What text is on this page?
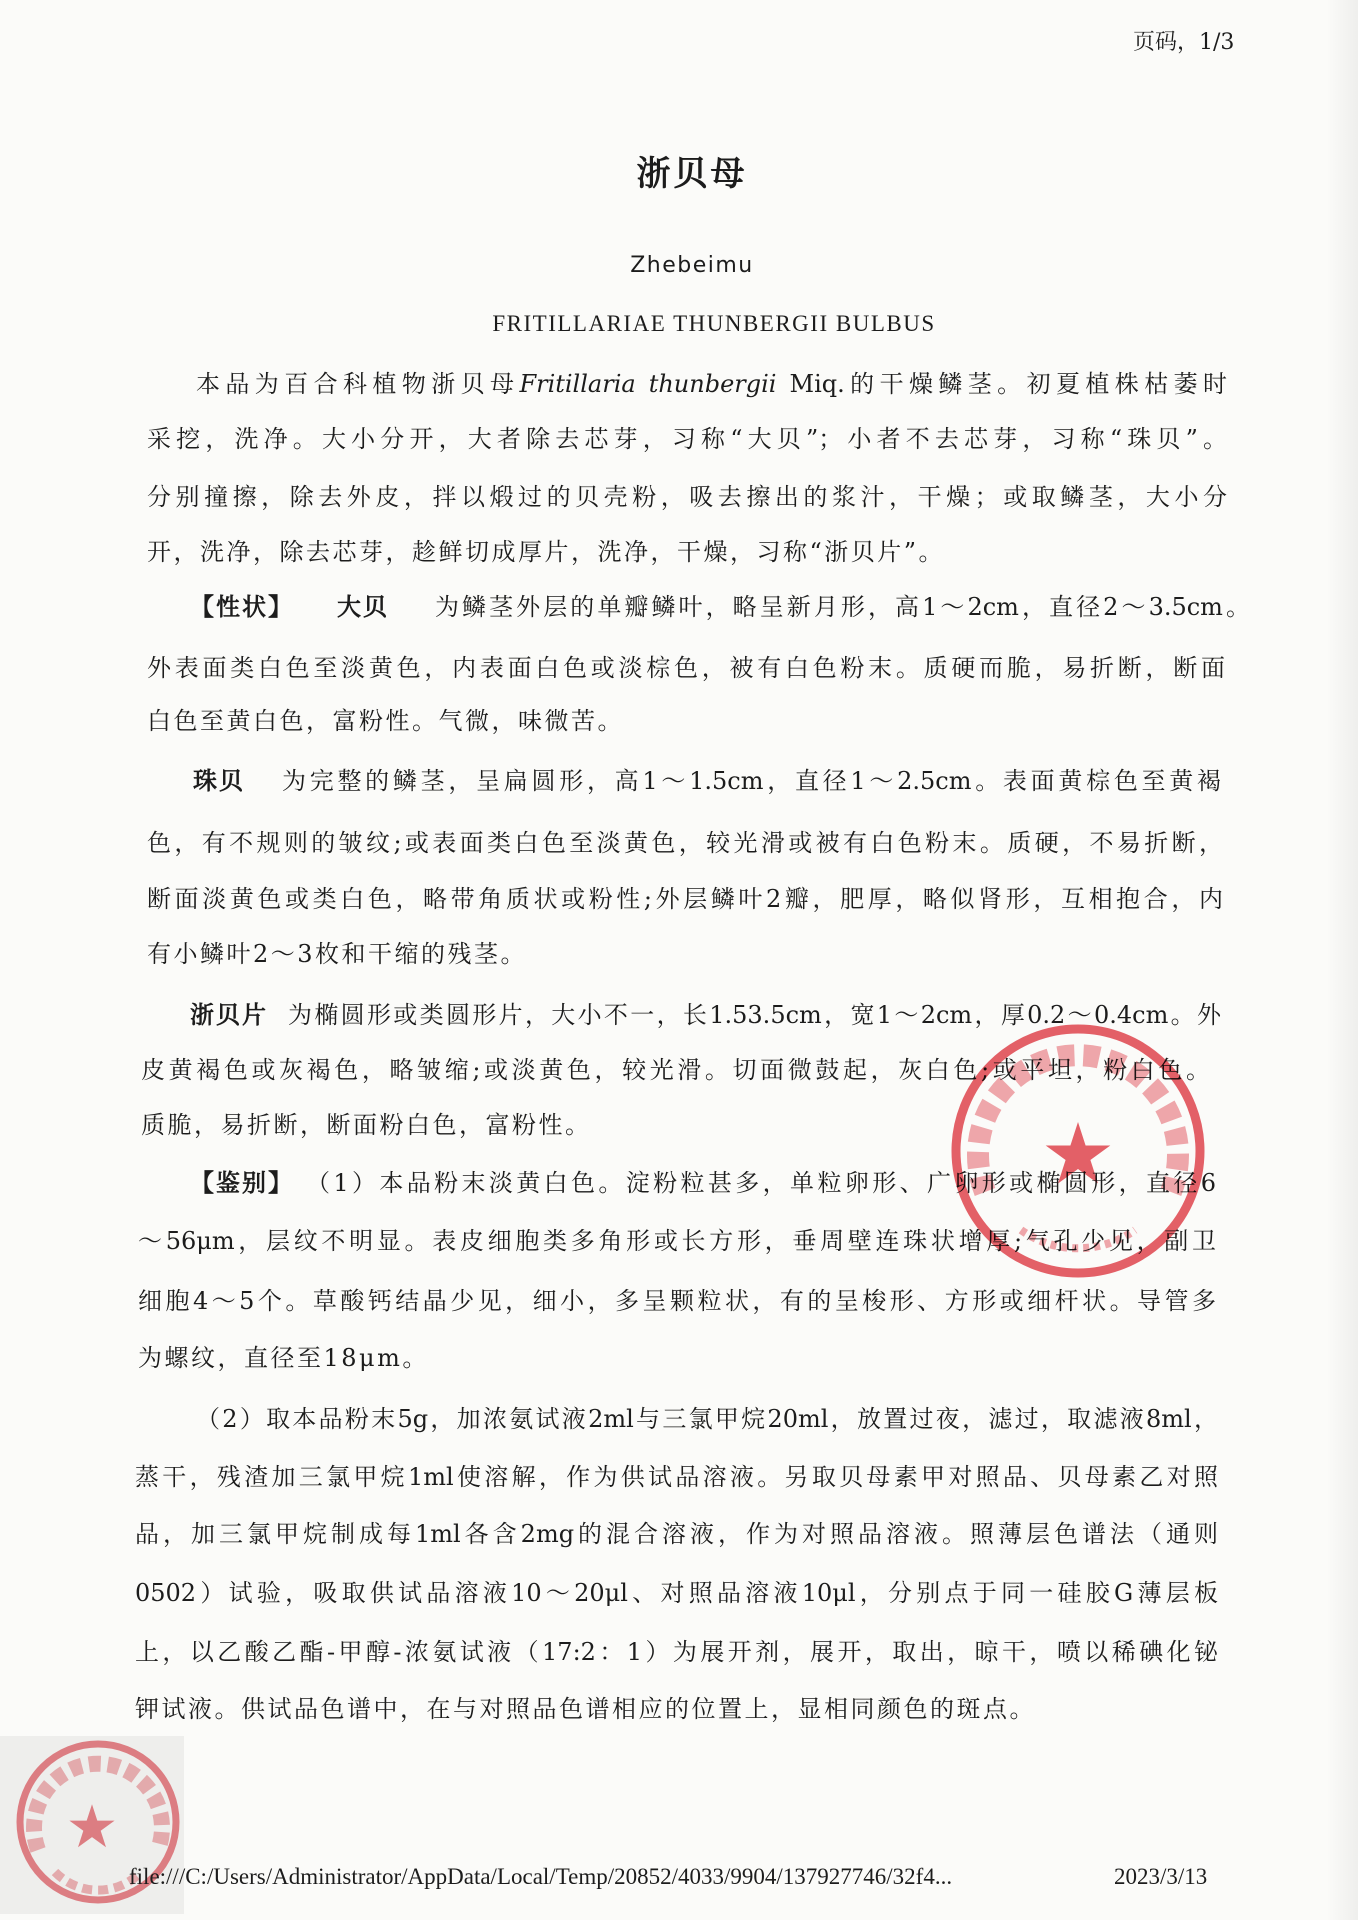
页码，1/3
浙贝母
Zhebeimu
FRITILLARIAE THUNBERGII BULBUS
本品为百合科植物浙贝母Fritillaria thunbergii Miq.的干燥鳞茎。初夏植株枯萎时
采挖，洗净。大小分开，大者除去芯芽，习称“大贝”；小者不去芯芽，习称“珠贝”。
分别撞擦，除去外皮，拌以煅过的贝壳粉，吸去擦出的浆汁，干燥；或取鳞茎，大小分
开，洗净，除去芯芽，趁鲜切成厚片，洗净，干燥，习称“浙贝片”。
【性状】 大贝 为鳞茎外层的单瓣鳞叶，略呈新月形，高1～2cm，直径2～3.5cm。
外表面类白色至淡黄色，内表面白色或淡棕色，被有白色粉末。质硬而脆，易折断，断面
白色至黄白色，富粉性。气微，味微苦。
珠贝 为完整的鳞茎，呈扁圆形，高1～1.5cm，直径1～2.5cm。表面黄棕色至黄褐
色，有不规则的皱纹;或表面类白色至淡黄色，较光滑或被有白色粉末。质硬，不易折断，
断面淡黄色或类白色，略带角质状或粉性;外层鳞叶2瓣，肥厚，略似肾形，互相抱合，内
有小鳞叶2～3枚和干缩的残茎。
浙贝片 为椭圆形或类圆形片，大小不一，长1.53.5cm，宽1～2cm，厚0.2～0.4cm。外
皮黄褐色或灰褐色，略皱缩;或淡黄色，较光滑。切面微鼓起，灰白色;或平坦，粉白色。
质脆，易折断，断面粉白色，富粉性。
【鉴别】 （1）本品粉末淡黄白色。淀粉粒甚多，单粒卵形、广卵形或椭圆形，直径6
～56μm，层纹不明显。表皮细胞类多角形或长方形，垂周壁连珠状增厚;气孔少见，副卫
细胞4～5个。草酸钙结晶少见，细小，多呈颗粒状，有的呈梭形、方形或细杆状。导管多
为螺纹，直径至18μm。
（2）取本品粉末5g，加浓氨试液2ml与三氯甲烷20ml，放置过夜，滤过，取滤液8ml，
蒸干，残渣加三氯甲烷1ml使溶解，作为供试品溶液。另取贝母素甲对照品、贝母素乙对照
品，加三氯甲烷制成每1ml各含2mg的混合溶液，作为对照品溶液。照薄层色谱法（通则
0502）试验，吸取供试品溶液10～20μl、对照品溶液10μl，分别点于同一硅胶G薄层板
上，以乙酸乙酯-甲醇-浓氨试液（17:2：1）为展开剂，展开，取出，晾干，喷以稀碘化铋
钾试液。供试品色谱中，在与对照品色谱相应的位置上，显相同颜色的斑点。
file:///C:/Users/Administrator/AppData/Local/Temp/20852/4033/9904/137927746/32f4...	2023/3/13
